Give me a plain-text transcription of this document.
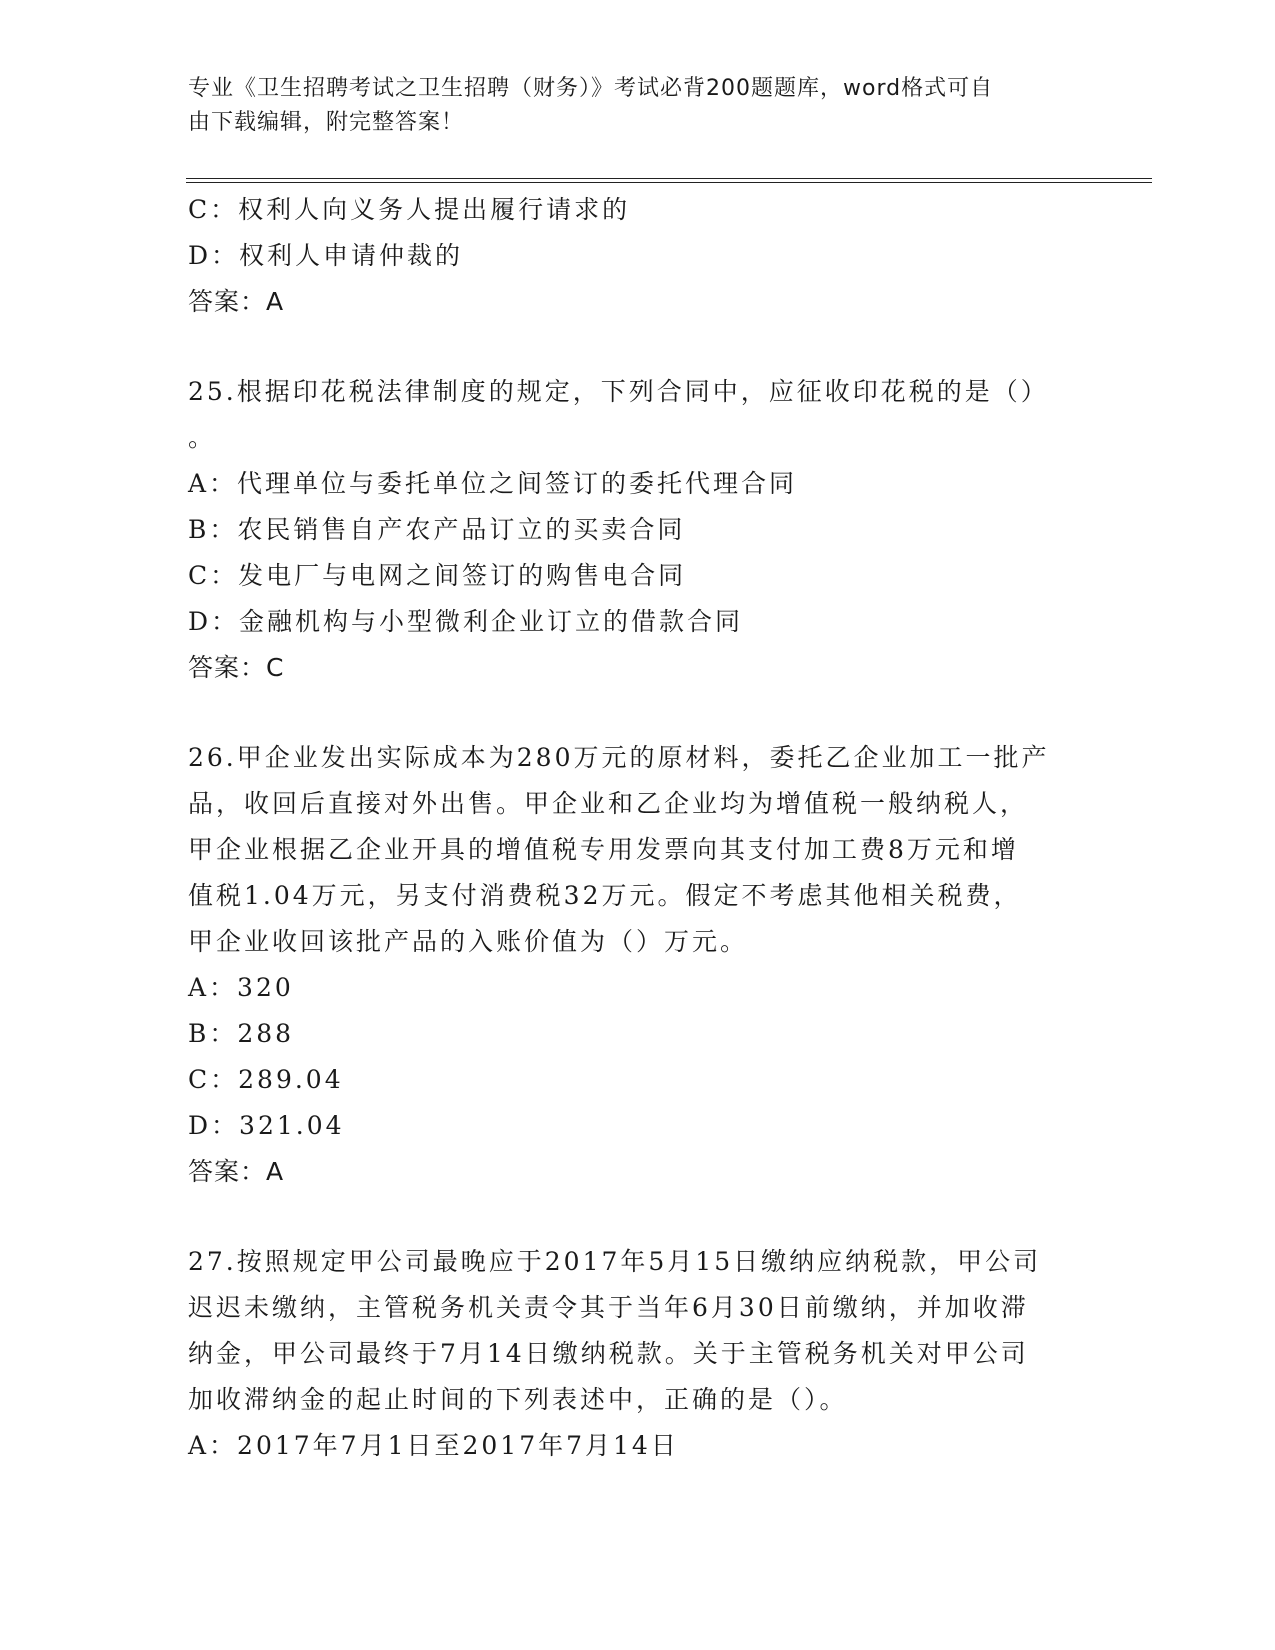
专业《卫生招聘考试之卫生招聘（财务）》考试必背200题题库，word格式可自
由下载编辑，附完整答案！
C：权利人向义务人提出履行请求的
D：权利人申请仲裁的
答案：A
25.根据印花税法律制度的规定，下列合同中，应征收印花税的是（）
。
A：代理单位与委托单位之间签订的委托代理合同
B：农民销售自产农产品订立的买卖合同
C：发电厂与电网之间签订的购售电合同
D：金融机构与小型微利企业订立的借款合同
答案：C
26.甲企业发出实际成本为280万元的原材料，委托乙企业加工一批产
品，收回后直接对外出售。甲企业和乙企业均为增值税一般纳税人，
甲企业根据乙企业开具的增值税专用发票向其支付加工费8万元和增
值税1.04万元，另支付消费税32万元。假定不考虑其他相关税费，
甲企业收回该批产品的入账价值为（）万元。
A：320
B：288
C：289.04
D：321.04
答案：A
27.按照规定甲公司最晚应于2017年5月15日缴纳应纳税款，甲公司
迟迟未缴纳，主管税务机关责令其于当年6月30日前缴纳，并加收滞
纳金，甲公司最终于7月14日缴纳税款。关于主管税务机关对甲公司
加收滞纳金的起止时间的下列表述中，正确的是（）。
A：2017年7月1日至2017年7月14日
